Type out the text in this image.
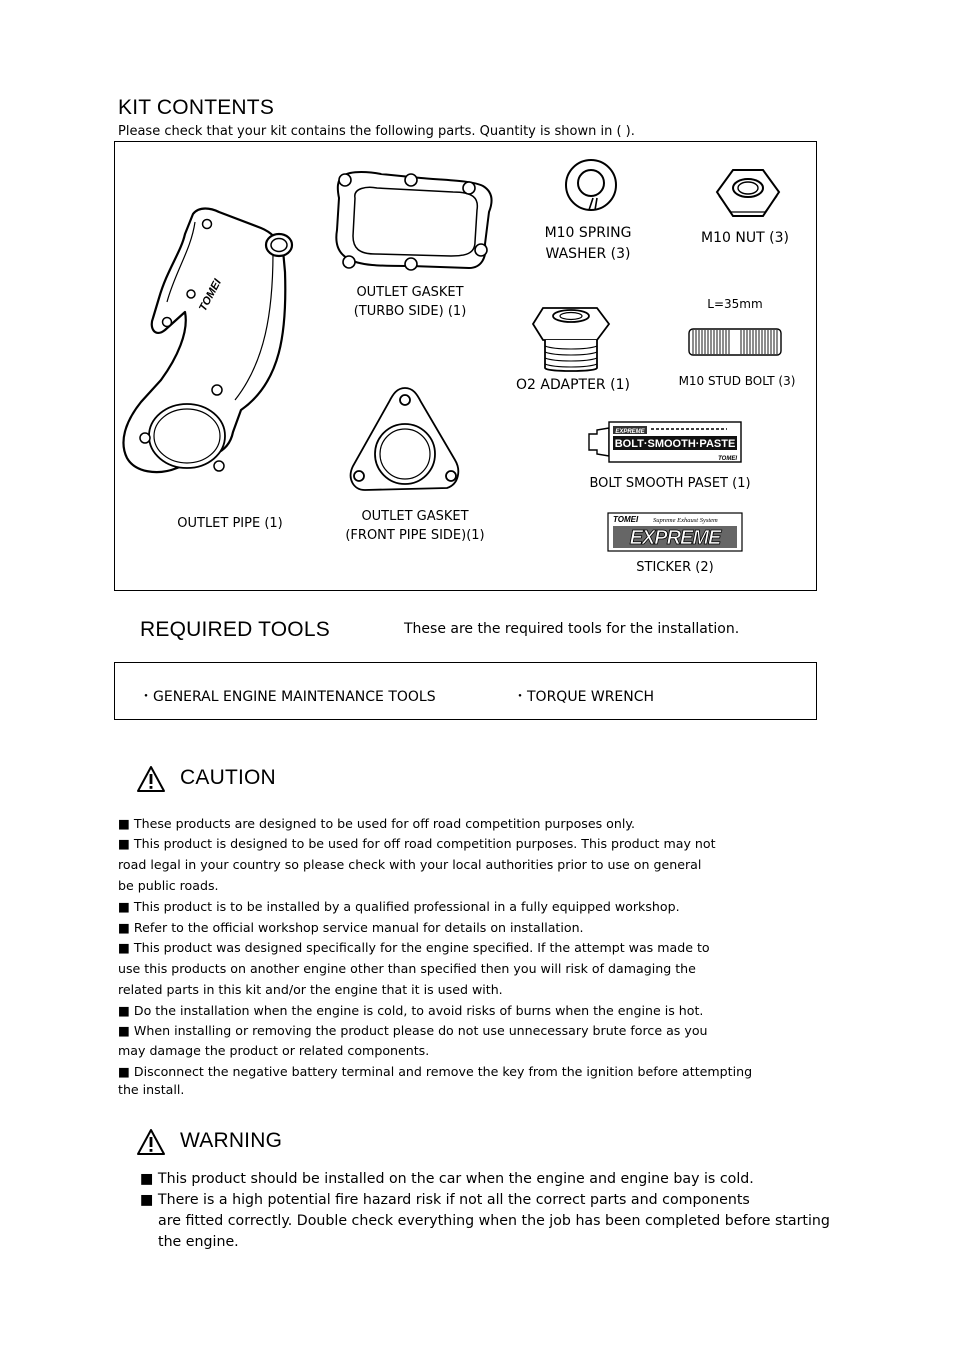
KIT CONTENTS
Please check that your kit contains the following parts. Quantity is shown in ( ).
TOMEI
OUTLET PIPE (1)
OUTLET GASKET
(TURBO SIDE) (1)
OUTLET GASKET
(FRONT PIPE SIDE)(1)
M10 SPRING
WASHER (3)
M10 NUT (3)
L=35mm
M10 STUD BOLT (3)
O2 ADAPTER (1)
BOLT·SMOOTH·PASTE
EXPREME
TOMEI
BOLT SMOOTH PASET (1)
TOMEI Supreme Exhaust System
EXPREME
STICKER (2)
REQUIRED TOOLS	These are the required tools for the installation.
・GENERAL ENGINE MAINTENANCE TOOLS	・TORQUE WRENCH
CAUTION
■ These products are designed to be used for off road competition purposes only.
■ This product is designed to be used for off road competition purposes. This product may not
road legal in your country so please check with your local authorities prior to use on general
be public roads.
■ This product is to be installed by a qualified professional in a fully equipped workshop.
■ Refer to the official workshop service manual for details on installation.
■ This product was designed specifically for the engine specified. If the attempt was made to
use this products on another engine other than specified then you will risk of damaging the
related parts in this kit and/or the engine that it is used with.
■ Do the installation when the engine is cold, to avoid risks of burns when the engine is hot.
■ When installing or removing the product please do not use unnecessary brute force as you
may damage the product or related components.
■ Disconnect the negative battery terminal and remove the key from the ignition before attempting
the install.
WARNING
■ This product should be installed on the car when the engine and engine bay is cold.
■ There is a high potential fire hazard risk if not all the correct parts and components
are fitted correctly. Double check everything when the job has been completed before starting
the engine.
